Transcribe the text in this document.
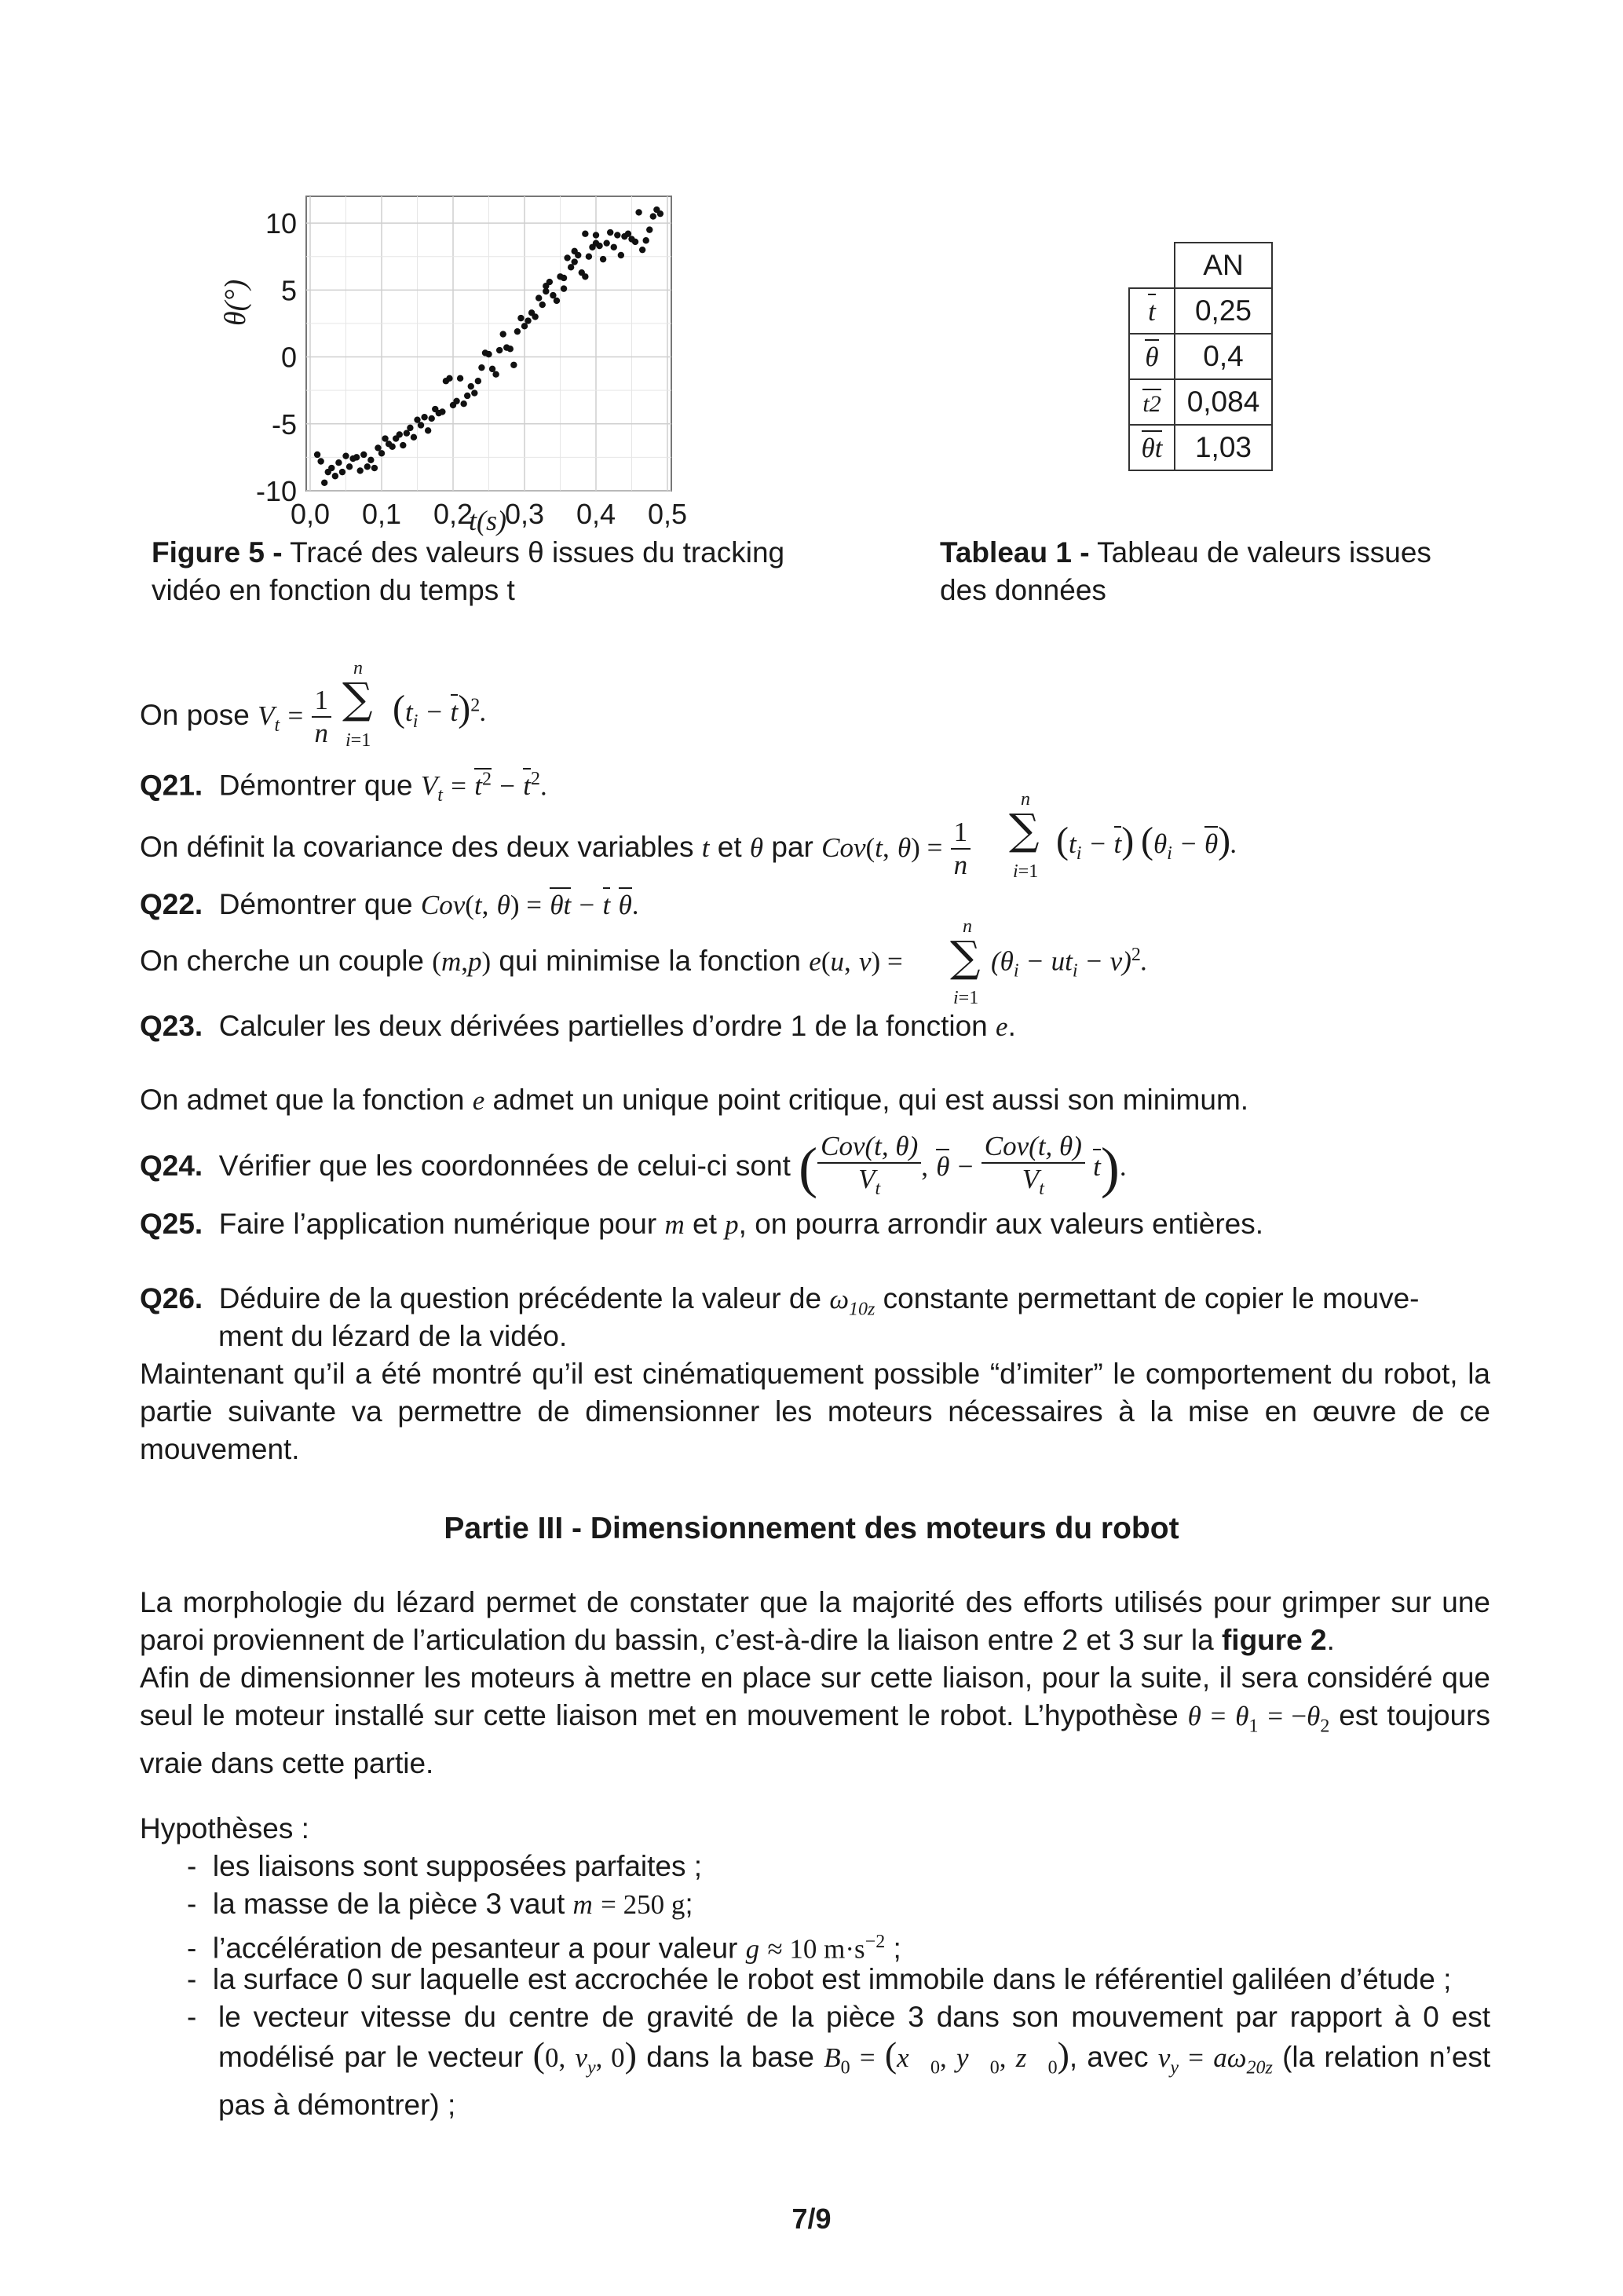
0,0 0,1 0,2 0,3 0,4 0,5
10
5
0
-5
-10
θ(°)
t(s)
Figure 5 - Tracé des valeurs θ issues du tracking
vidéo en fonction du temps t
	AN
t	0,25
θ	0,4
t2	0,084
θt	1,03
Tableau 1 - Tableau de valeurs issues
des données
On pose $V_t = \frac{1}{n}$
n
∑
i=1
$(t_i - t)^2$.
Q21. Démontrer que $V_t = t^2 - t^2$.
On définit la covariance des deux variables t et θ par Cov(t, $\theta) = \frac{1}{n}$
n
∑
i=1
$(t_i - t) (\theta_i - \theta)$.
Q22. Démontrer que Cov(t, θ) = θt − t θ.
On cherche un couple (m,p) qui minimise la fonction e(u, v) =
n
∑
i=1
$(\theta_i - ut_i - v)^2$.
Q23. Calculer les deux dérivées partielles d’ordre 1 de la fonction e.
On admet que la fonction e admet un unique point critique, qui est aussi son minimum.
Q24. Vérifier que les coordonnées de celui-ci sont ( $\frac{\text{Cov(t, θ)}}{V_t}$ , $\theta - \frac{\text{Cov(t, θ)}}{V_t} t$).
Q25. Faire l’application numérique pour m et p, on pourra arrondir aux valeurs entières.
Q26. Déduire de la question précédente la valeur de $\omega_{10z}$ constante permettant de copier le mouve-
ment du lézard de la vidéo.
Maintenant qu’il a été montré qu’il est cinématiquement possible “d’imiter” le comportement du robot, la partie suivante va permettre de dimensionner les moteurs nécessaires à la mise en œuvre de ce mouvement.
Partie III - Dimensionnement des moteurs du robot
La morphologie du lézard permet de constater que la majorité des efforts utilisés pour grimper sur une paroi proviennent de l’articulation du bassin, c’est-à-dire la liaison entre 2 et 3 sur la figure 2.
Afin de dimensionner les moteurs à mettre en place sur cette liaison, pour la suite, il sera considéré que seul le moteur installé sur cette liaison met en mouvement le robot. L’hypothèse $\theta = \theta_1 = -\theta_2$ est toujours vraie dans cette partie.
Hypothèses :
-  les liaisons sont supposées parfaites ;
-  la masse de la pièce 3 vaut m = 250 g;
-  l’accélération de pesanteur a pour valeur g ≈ 10 $m\cdot s^{-2}$ ;
-  la surface 0 sur laquelle est accrochée le robot est immobile dans le référentiel galiléen d’étude ;
- le vecteur vitesse du centre de gravité de la pièce 3 dans son mouvement par rapport à 0 est modélisé par le vecteur (0, $v_y$, 0) dans la base $B_0$ = ($x⃗_0$, $y⃗_0$, $z⃗_0$), avec $v_y = a\omega_{20z}$ (la relation n’est pas à démontrer) ;
7/9
